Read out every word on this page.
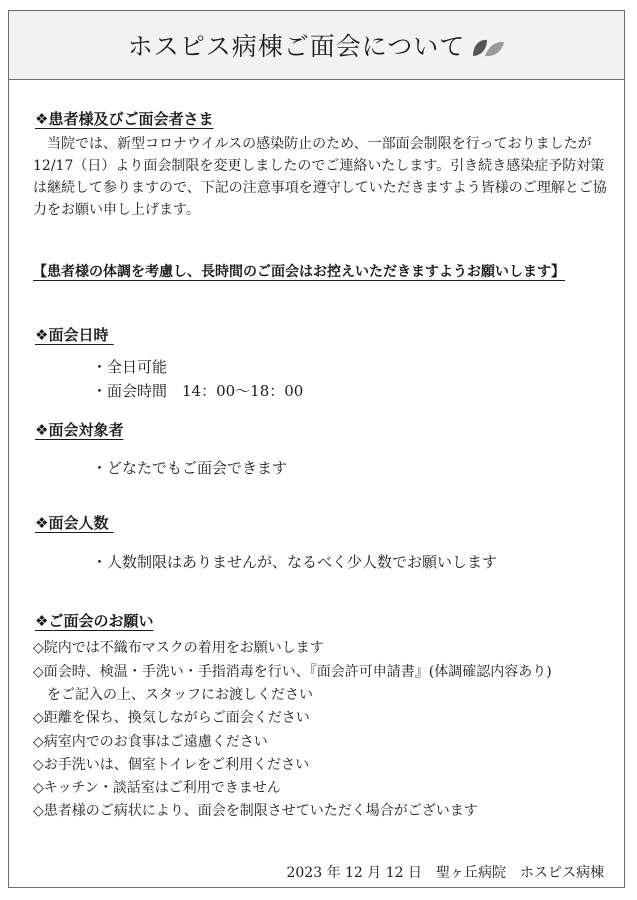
ホスピス病棟ご面会について
❖患者様及びご面会者さま
当院では、新型コロナウイルスの感染防止のため、一部面会制限を行っておりましたが 12/17（日）より面会制限を変更しましたのでご連絡いたします。引き続き感染症予防対策は継続して参りますので、下記の注意事項を遵守していただきますよう皆様のご理解とご協力をお願い申し上げます。
【患者様の体調を考慮し、長時間のご面会はお控えいただきますようお願いします】
❖面会日時
・全日可能
・面会時間　14：00～18：00
❖面会対象者
・どなたでもご面会できます
❖面会人数
・人数制限はありませんが、なるべく少人数でお願いします
❖ご面会のお願い
◇院内では不織布マスクの着用をお願いします
◇面会時、検温・手洗い・手指消毒を行い、『面会許可申請書』(体調確認内容あり)
をご記入の上、スタッフにお渡しください
◇距離を保ち、換気しながらご面会ください
◇病室内でのお食事はご遠慮ください
◇お手洗いは、個室トイレをご利用ください
◇キッチン・談話室はご利用できません
◇患者様のご病状により、面会を制限させていただく場合がございます
2023 年 12 月 12 日　聖ヶ丘病院　ホスピス病棟
